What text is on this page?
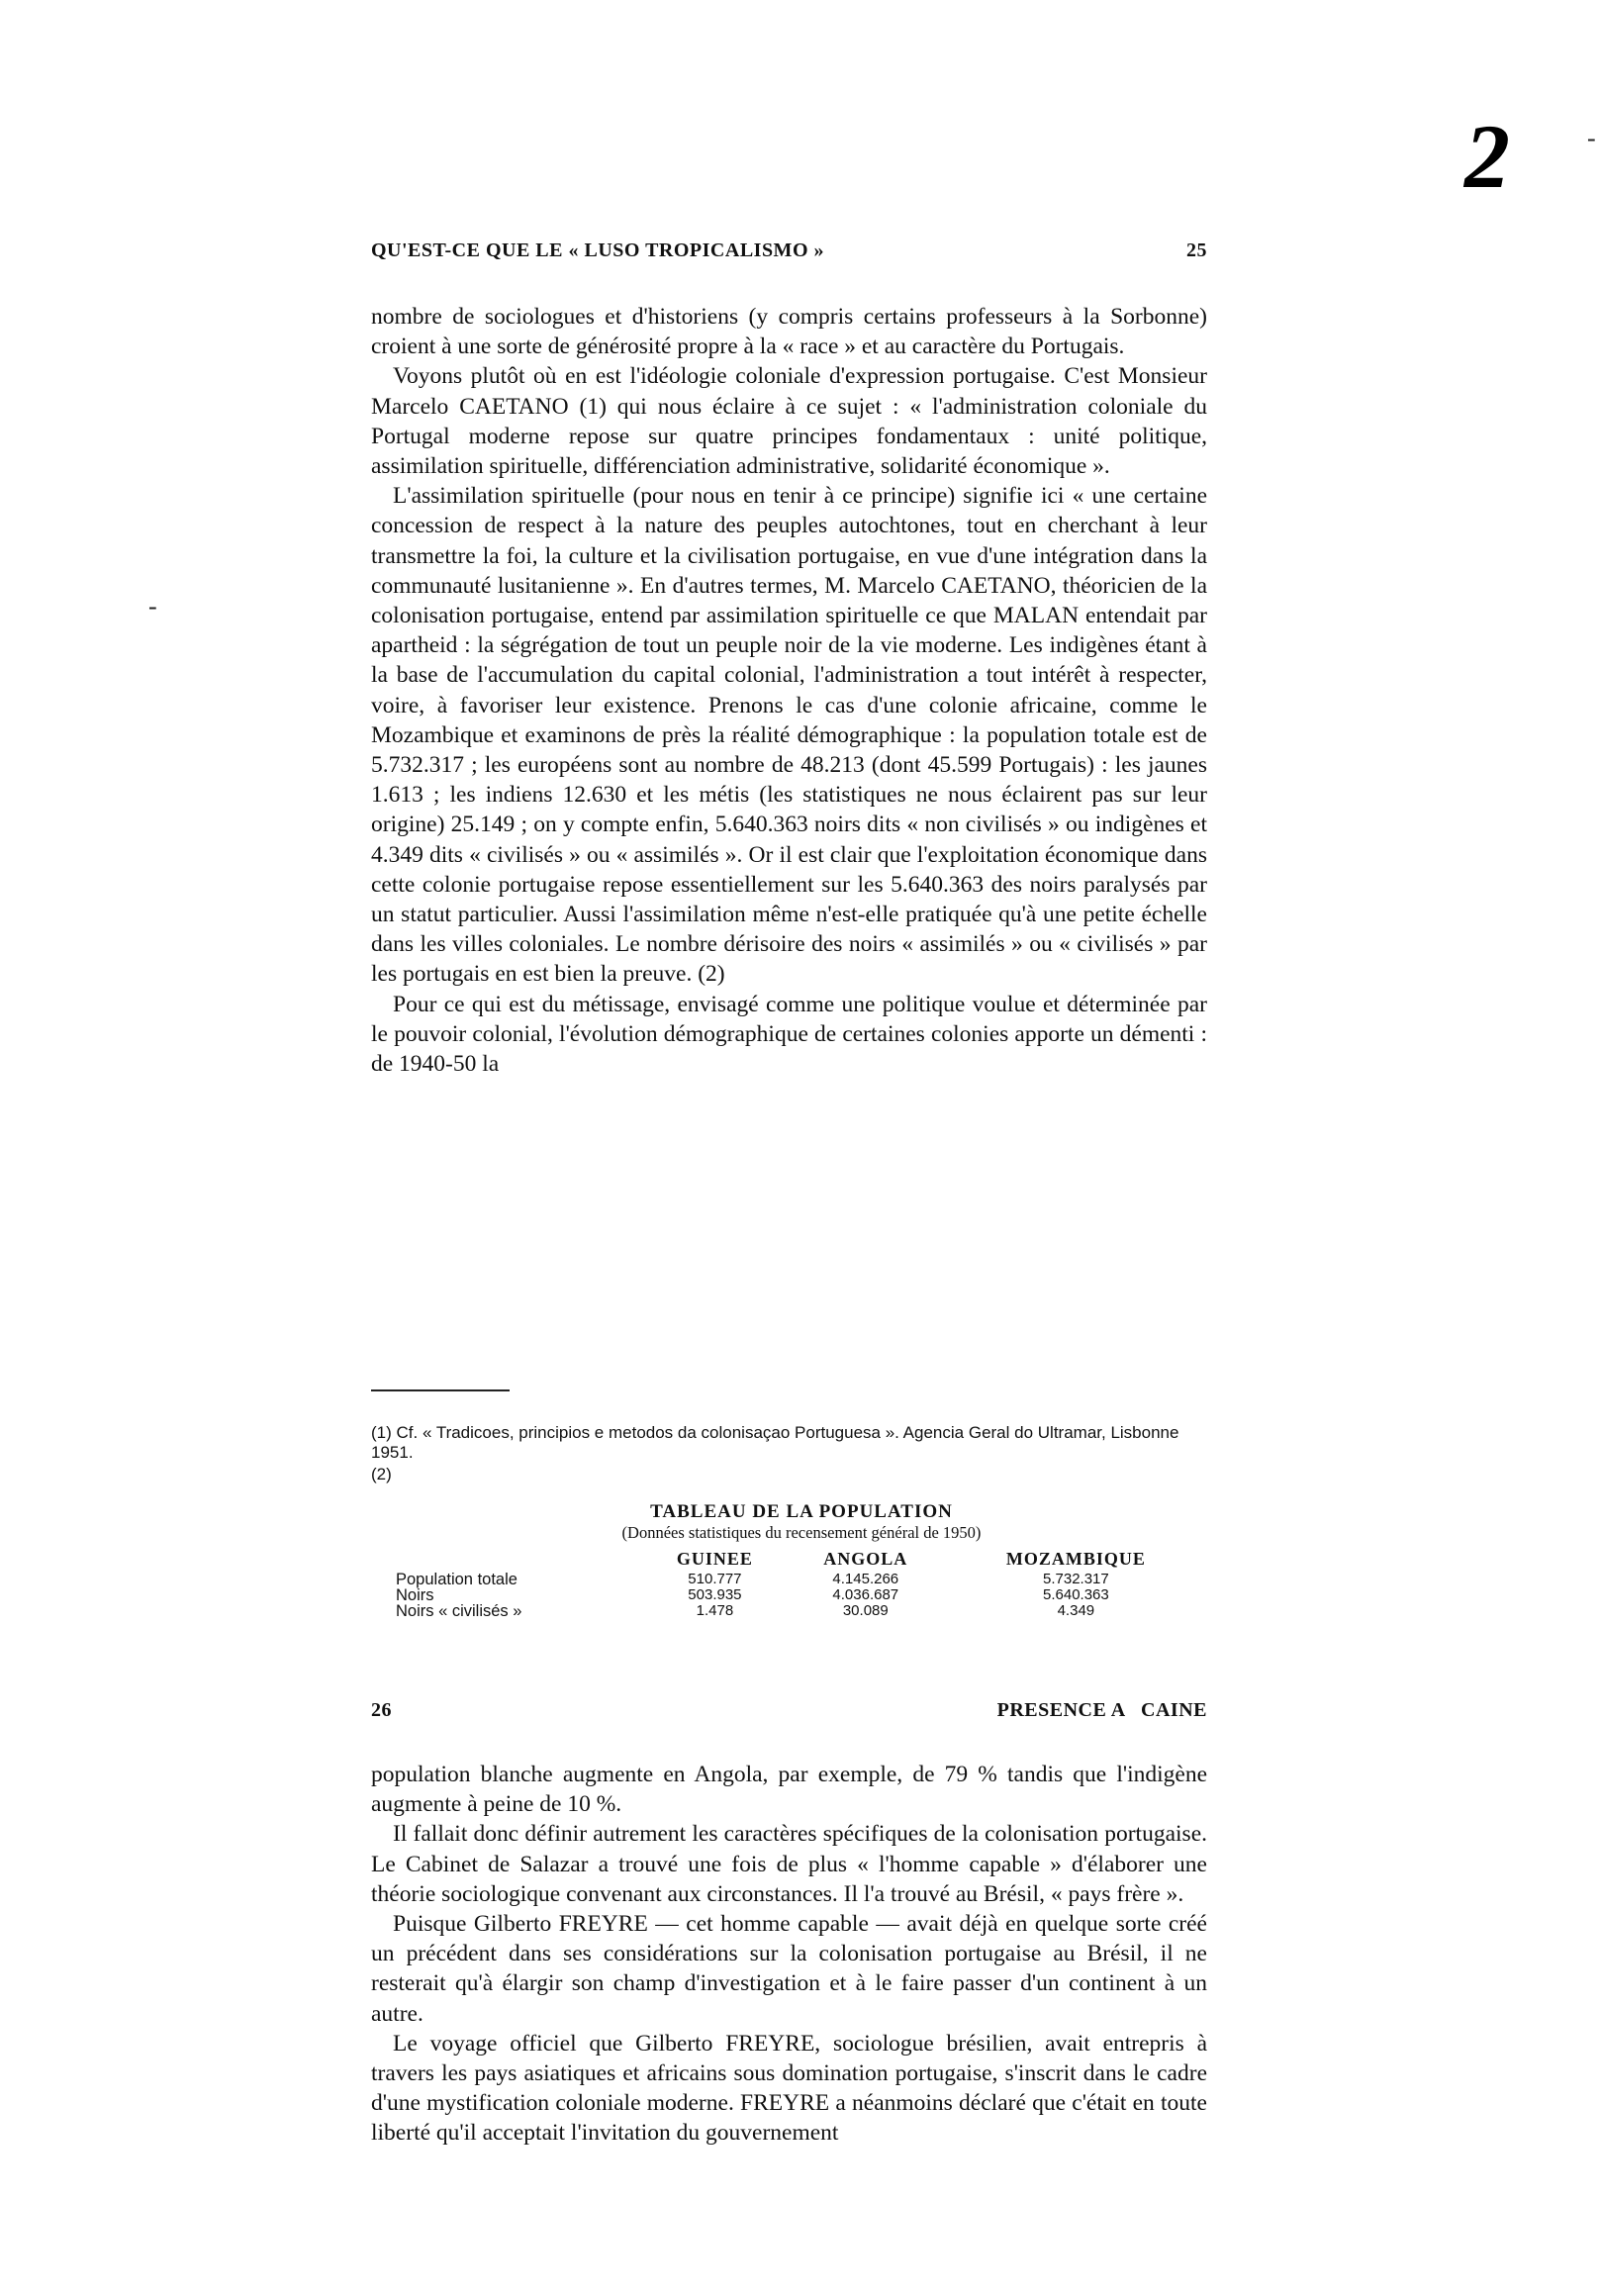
2	-
-
QU'EST-CE QUE LE « LUSO TROPICALISMO »	25

nombre de sociologues et d'historiens (y compris certains professeurs à la Sorbonne) croient à une sorte de générosité propre à la « race » et au caractère du Portugais.

Voyons plutôt où en est l'idéologie coloniale d'expression portugaise. C'est Monsieur Marcelo CAETANO (1) qui nous éclaire à ce sujet : « l'administration coloniale du Portugal moderne repose sur quatre principes fondamentaux : unité politique, assimilation spirituelle, différenciation administrative, solidarité économique ».

L'assimilation spirituelle (pour nous en tenir à ce principe) signifie ici « une certaine concession de respect à la nature des peuples autochtones, tout en cherchant à leur transmettre la foi, la culture et la civilisation portugaise, en vue d'une intégration dans la communauté lusitanienne ». En d'autres termes, M. Marcelo CAETANO, théoricien de la colonisation portugaise, entend par assimilation spirituelle ce que MALAN entendait par apartheid : la ségrégation de tout un peuple noir de la vie moderne. Les indigènes étant à la base de l'accumulation du capital colonial, l'administration a tout intérêt à respecter, voire, à favoriser leur existence. Prenons le cas d'une colonie africaine, comme le Mozambique et examinons de près la réalité démographique : la population totale est de 5.732.317 ; les européens sont au nombre de 48.213 (dont 45.599 Portugais) : les jaunes 1.613 ; les indiens 12.630 et les métis (les statistiques ne nous éclairent pas sur leur origine) 25.149 ; on y compte enfin, 5.640.363 noirs dits « non civilisés » ou indigènes et 4.349 dits « civilisés » ou « assimilés ». Or il est clair que l'exploitation économique dans cette colonie portugaise repose essentiellement sur les 5.640.363 des noirs paralysés par un statut particulier. Aussi l'assimilation même n'est-elle pratiquée qu'à une petite échelle dans les villes coloniales. Le nombre dérisoire des noirs « assimilés » ou « civilisés » par les portugais en est bien la preuve. (2)

Pour ce qui est du métissage, envisagé comme une politique voulue et déterminée par le pouvoir colonial, l'évolution démographique de certaines colonies apporte un démenti : de 1940-50 la

(1) Cf. « Tradicoes, principios e metodos da colonisaçao Portuguesa ». Agencia Geral do Ultramar, Lisbonne 1951.

(2)

TABLEAU DE LA POPULATION
(Données statistiques du recensement général de 1950)
	GUINEE	ANGOLA	MOZAMBIQUE
Population totale	510.777	4.145.266	5.732.317
Noirs	503.935	4.036.687	5.640.363
Noirs « civilisés »	1.478	30.089	4.349
26	PRESENCE A   CAINE

population blanche augmente en Angola, par exemple, de 79 % tandis que l'indigène augmente à peine de 10 %.

Il fallait donc définir autrement les caractères spécifiques de la colonisation portugaise. Le Cabinet de Salazar a trouvé une fois de plus « l'homme capable » d'élaborer une théorie sociologique convenant aux circonstances. Il l'a trouvé au Brésil, « pays frère ».

Puisque Gilberto FREYRE — cet homme capable — avait déjà en quelque sorte créé un précédent dans ses considérations sur la colonisation portugaise au Brésil, il ne resterait qu'à élargir son champ d'investigation et à le faire passer d'un continent à un autre.

Le voyage officiel que Gilberto FREYRE, sociologue brésilien, avait entrepris à travers les pays asiatiques et africains sous domination portugaise, s'inscrit dans le cadre d'une mystification coloniale moderne. FREYRE a néanmoins déclaré que c'était en toute liberté qu'il acceptait l'invitation du gouvernement
